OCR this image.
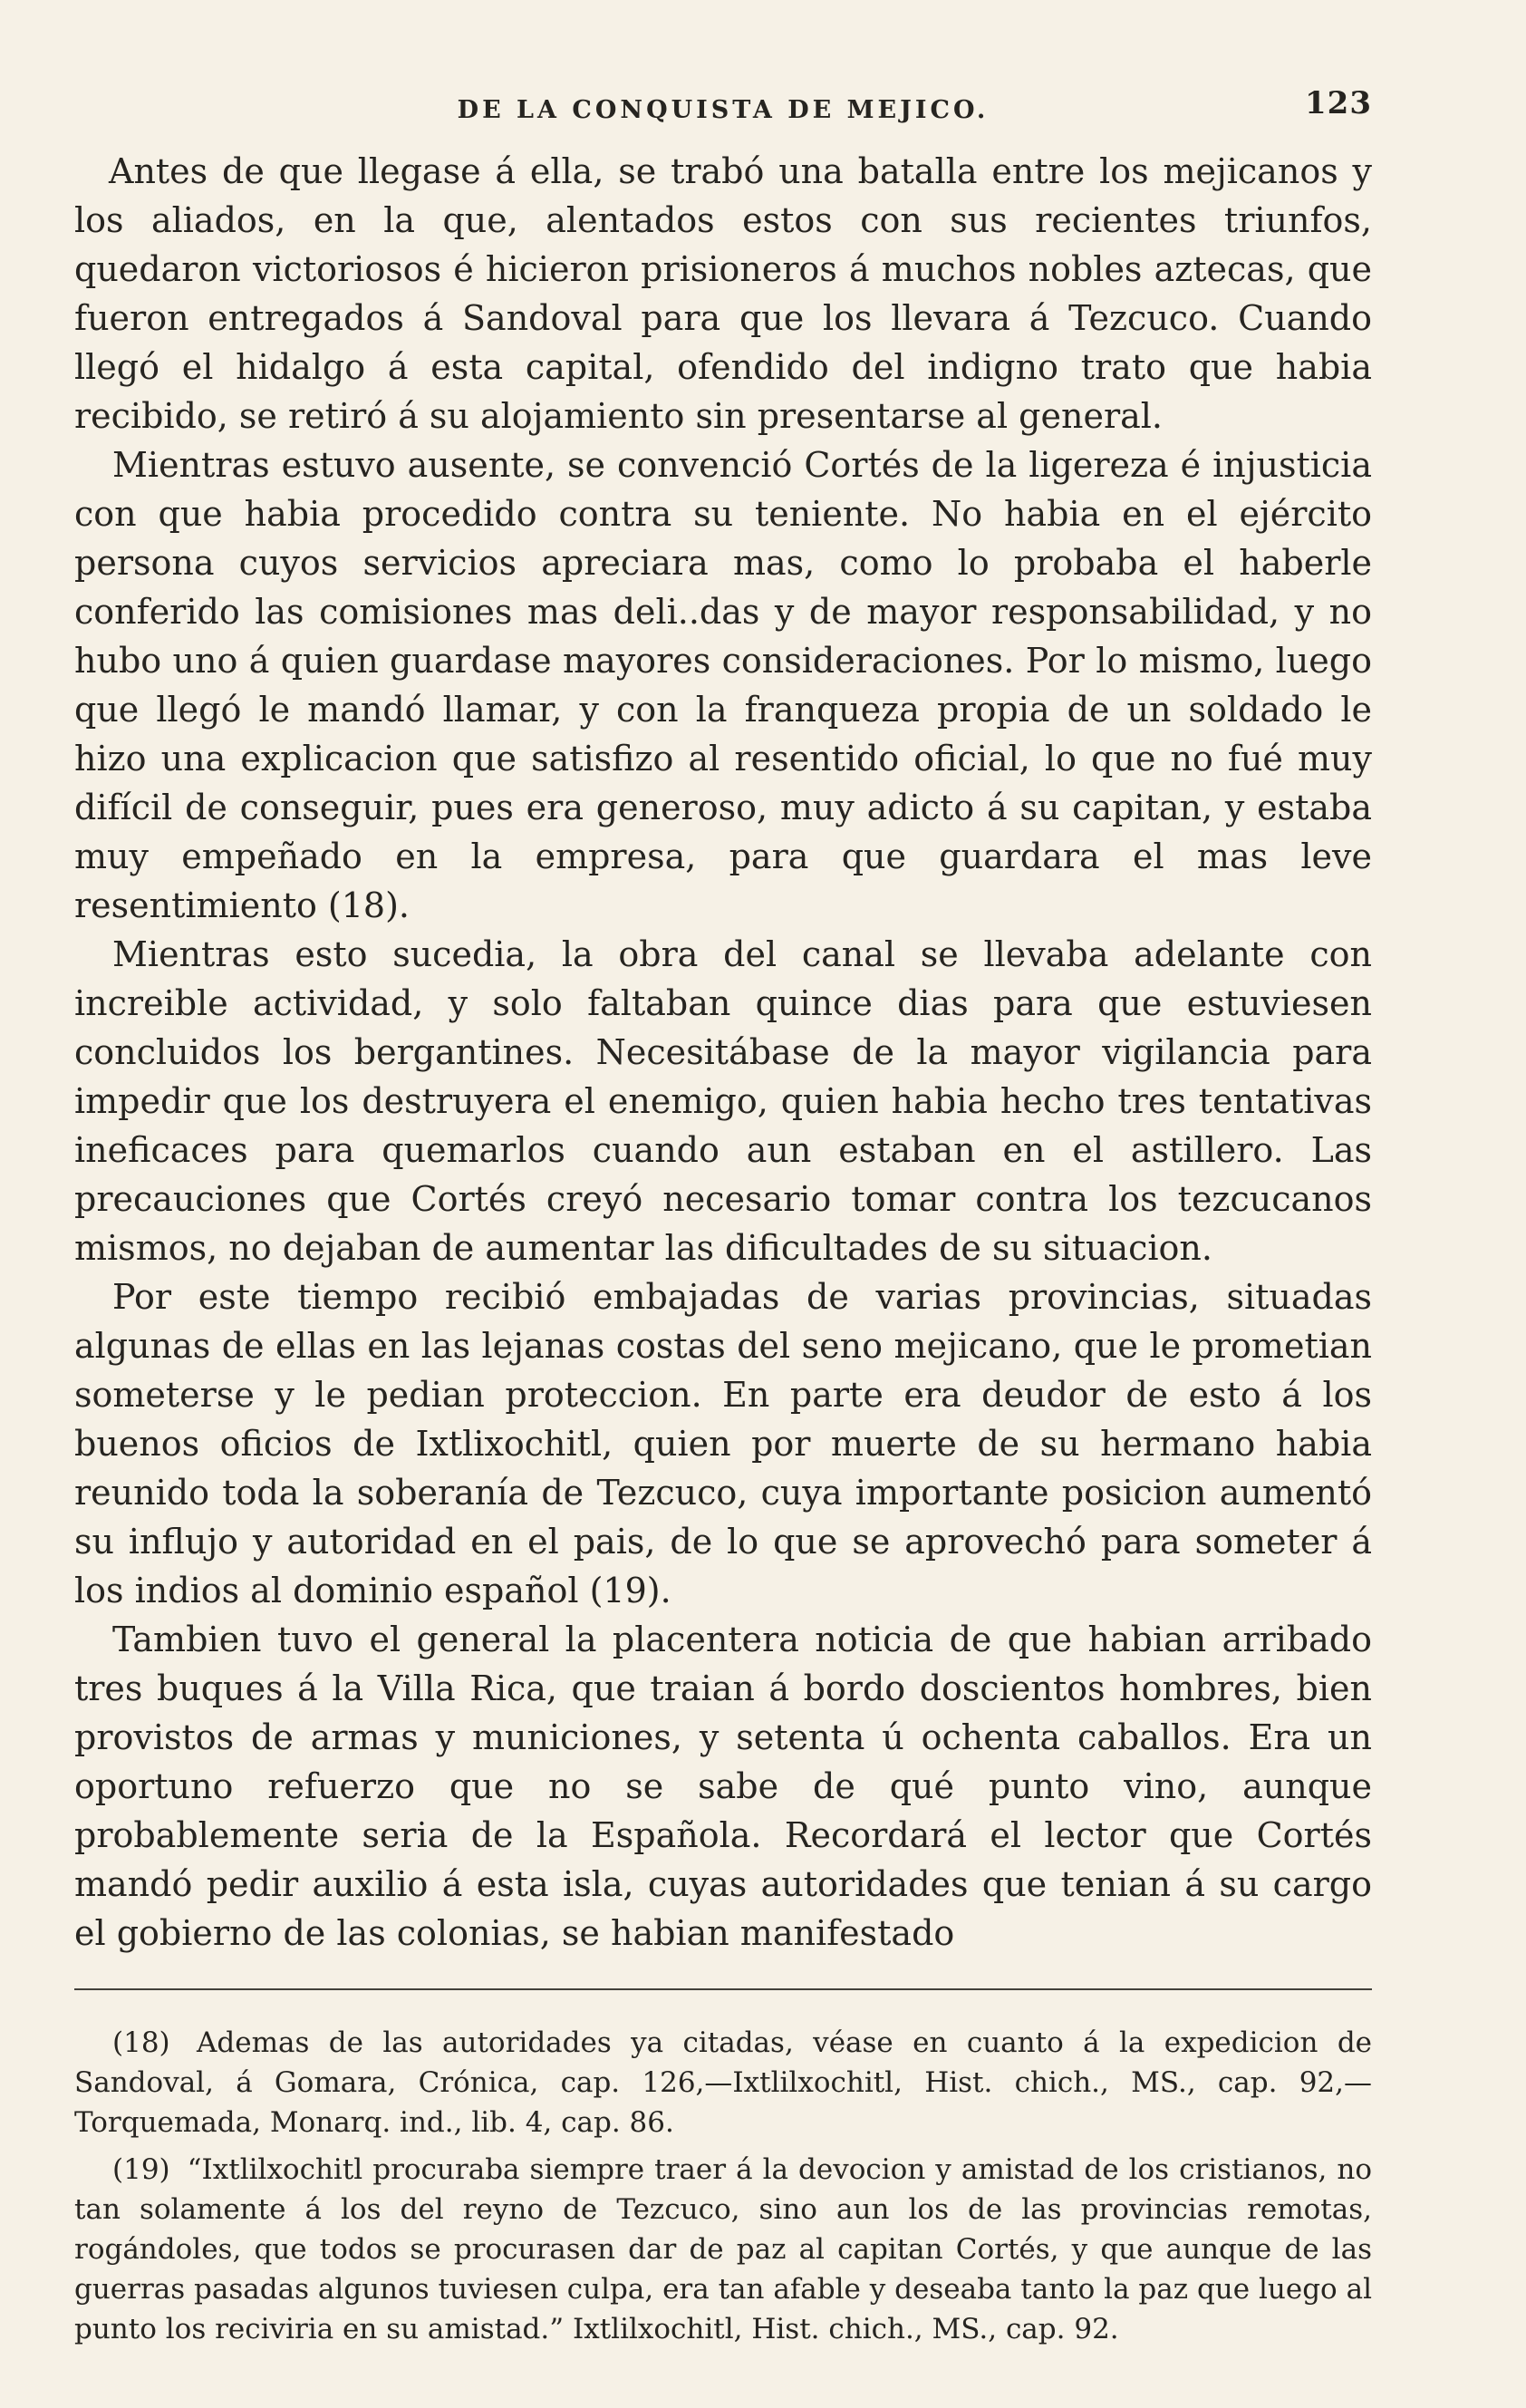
DE LA CONQUISTA DE MEJICO.	123

Antes de que llegase á ella, se trabó una batalla entre los mejicanos y los aliados, en la que, alentados estos con sus recientes triunfos, quedaron victoriosos é hicieron prisioneros á muchos nobles aztecas, que fueron entregados á Sandoval para que los llevara á Tezcuco. Cuando llegó el hidalgo á esta capital, ofendido del indigno trato que habia recibido, se retiró á su alojamiento sin presentarse al general.

Mientras estuvo ausente, se convenció Cortés de la ligereza é injusticia con que habia procedido contra su teniente. No habia en el ejército persona cuyos servicios apreciara mas, como lo probaba el haberle conferido las comisiones mas deli..das y de mayor responsabilidad, y no hubo uno á quien guardase mayores consideraciones. Por lo mismo, luego que llegó le mandó llamar, y con la franqueza propia de un soldado le hizo una explicacion que satisfizo al resentido oficial, lo que no fué muy difícil de conseguir, pues era generoso, muy adicto á su capitan, y estaba muy empeñado en la empresa, para que guardara el mas leve resentimiento (18).

Mientras esto sucedia, la obra del canal se llevaba adelante con increible actividad, y solo faltaban quince dias para que estuviesen concluidos los bergantines. Necesitábase de la mayor vigilancia para impedir que los destruyera el enemigo, quien habia hecho tres tentativas ineficaces para quemarlos cuando aun estaban en el astillero. Las precauciones que Cortés creyó necesario tomar contra los tezcucanos mismos, no dejaban de aumentar las dificultades de su situacion.

Por este tiempo recibió embajadas de varias provincias, situadas algunas de ellas en las lejanas costas del seno mejicano, que le prometian someterse y le pedian proteccion. En parte era deudor de esto á los buenos oficios de Ixtlixochitl, quien por muerte de su hermano habia reunido toda la soberanía de Tezcuco, cuya importante posicion aumentó su influjo y autoridad en el pais, de lo que se aprovechó para someter á los indios al dominio español (19).

Tambien tuvo el general la placentera noticia de que habian arribado tres buques á la Villa Rica, que traian á bordo doscientos hombres, bien provistos de armas y municiones, y setenta ú ochenta caballos. Era un oportuno refuerzo que no se sabe de qué punto vino, aunque probablemente seria de la Española. Recordará el lector que Cortés mandó pedir auxilio á esta isla, cuyas autoridades que tenian á su cargo el gobierno de las colonias, se habian manifestado

(18) Ademas de las autoridades ya citadas, véase en cuanto á la expedicion de Sandoval, á Gomara, Crónica, cap. 126,—Ixtlilxochitl, Hist. chich., MS., cap. 92,—Torquemada, Monarq. ind., lib. 4, cap. 86.

(19) “Ixtlilxochitl procuraba siempre traer á la devocion y amistad de los cristianos, no tan solamente á los del reyno de Tezcuco, sino aun los de las provincias remotas, rogándoles, que todos se procurasen dar de paz al capitan Cortés, y que aunque de las guerras pasadas algunos tuviesen culpa, era tan afable y deseaba tanto la paz que luego al punto los reciviria en su amistad.” Ixtlilxochitl, Hist. chich., MS., cap. 92.
